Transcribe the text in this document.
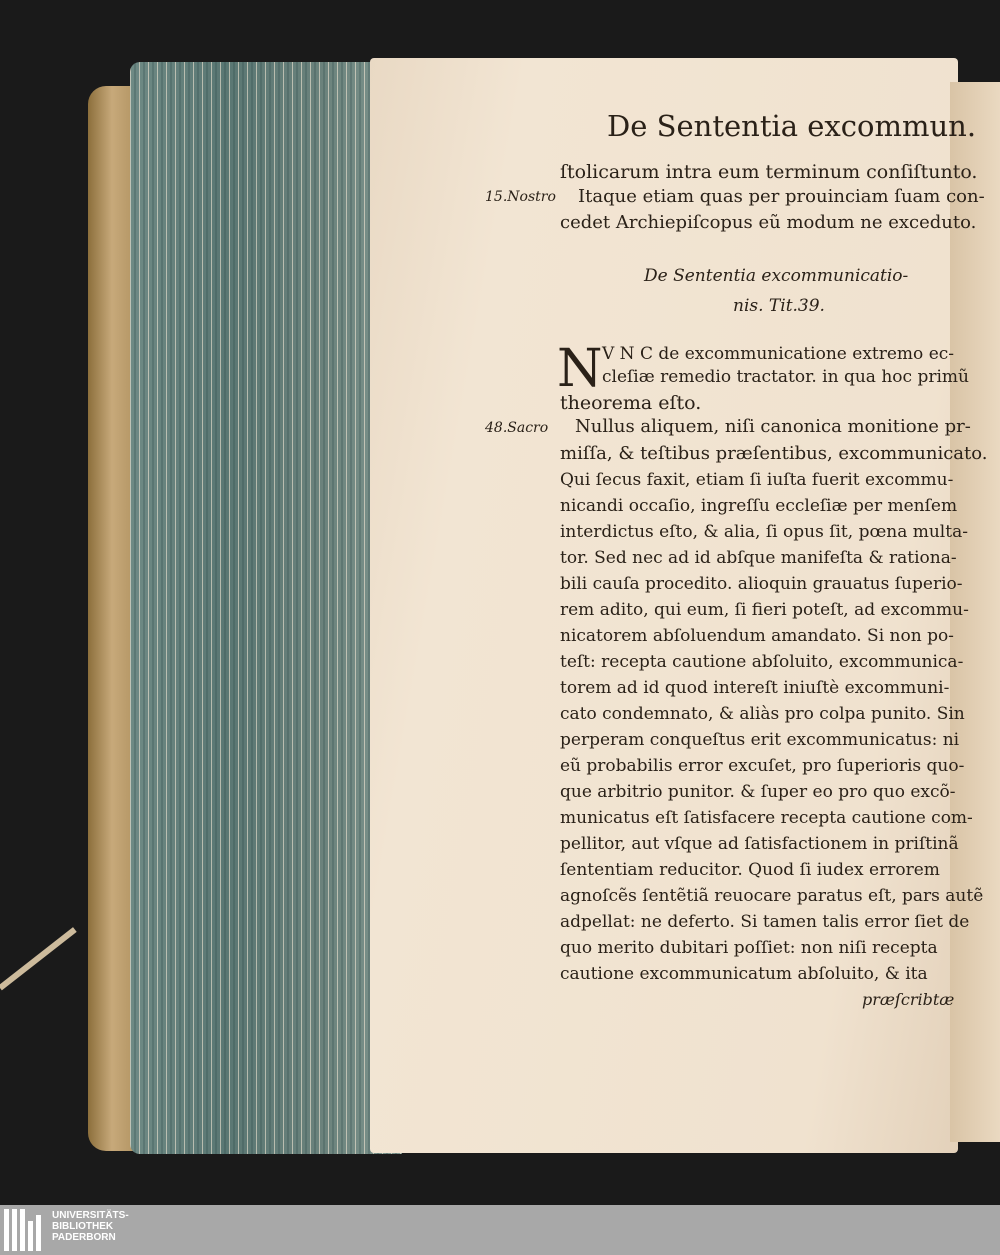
De Sententia excommun.
ſtolicarum intra eum terminum conſiſtunto.
15.Nostro Itaque etiam quas per prouinciam ſuam con-
cedet Archiepiſcopus eũ modum ne exceduto.
De Sententia excommunicatio-
nis. Tit.39.
N V N C de excommunicatione extremo ec-
cleſiæ remedio tractator. in qua hoc primũ
theorema eſto.
48.Sacro Nullus aliquem, niſi canonica monitione pr-
miſſa, & teſtibus præſentibus, excommunicato.
Qui ſecus faxit, etiam ſi iuſta fuerit excommu-
nicandi occaſio, ingreſſu eccleſiæ per menſem
interdictus eſto, & alia, ſi opus ſit, pœna multa-
tor. Sed nec ad id abſque manifeſta & rationa-
bili cauſa procedito. alioquin grauatus ſuperio-
rem adito, qui eum, ſi fieri poteſt, ad excommu-
nicatorem abſoluendum amandato. Si non po-
teſt: recepta cautione abſoluito, excommunica-
torem ad id quod intereſt iniuſtè excommuni-
cato condemnato, & aliàs pro colpa punito. Sin
perperam conqueſtus erit excommunicatus: ni
eũ probabilis error excuſet, pro ſuperioris quo-
que arbitrio punitor. & ſuper eo pro quo excõ-
municatus eſt ſatisfacere recepta cautione com-
pellitor, aut vſque ad ſatisfactionem in priſtinã
ſententiam reducitor. Quod ſi iudex errorem
agnoſcẽs ſentẽtiã reuocare paratus eſt, pars autẽ
adpellat: ne deferto. Si tamen talis error ſiet de
quo merito dubitari poſſiet: non niſi recepta
cautione excommunicatum abſoluito, & ita
præſcribtæ
UNIVERSITÄTS-
BIBLIOTHEK
PADERBORN
